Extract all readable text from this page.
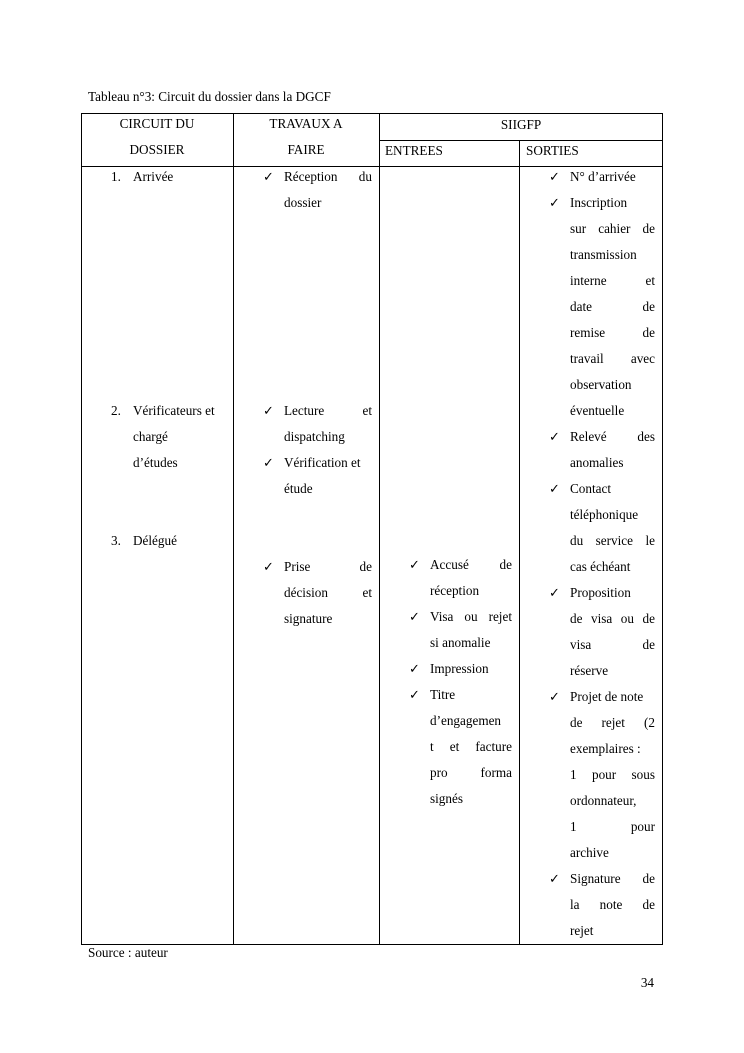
Tableau n°3: Circuit du dossier dans la DGCF
CIRCUIT DU
DOSSIER
TRAVAUX A
FAIRE
SIIGFP
ENTREES	SORTIES
1. Arrivée
2. Vérificateurs et
chargé
d’études
3. Délégué
✓ Réception du
dossier
✓ Lecture et
dispatching
✓ Vérification et
étude
✓ Prise de
décision et
signature
✓ Accusé de
réception
✓ Visa ou rejet
si anomalie
✓ Impression
✓ Titre
d’engagemen
t et facture
pro forma
signés
✓ N° d’arrivée
✓ Inscription
sur cahier de
transmission
interne et
date de
remise de
travail avec
observation
éventuelle
✓ Relevé des
anomalies
✓ Contact
téléphonique
du service le
cas échéant
✓ Proposition
de visa ou de
visa de
réserve
✓ Projet de note
de rejet (2
exemplaires :
1 pour sous
ordonnateur,
1 pour
archive
✓ Signature de
la note de
rejet
Source : auteur
34
